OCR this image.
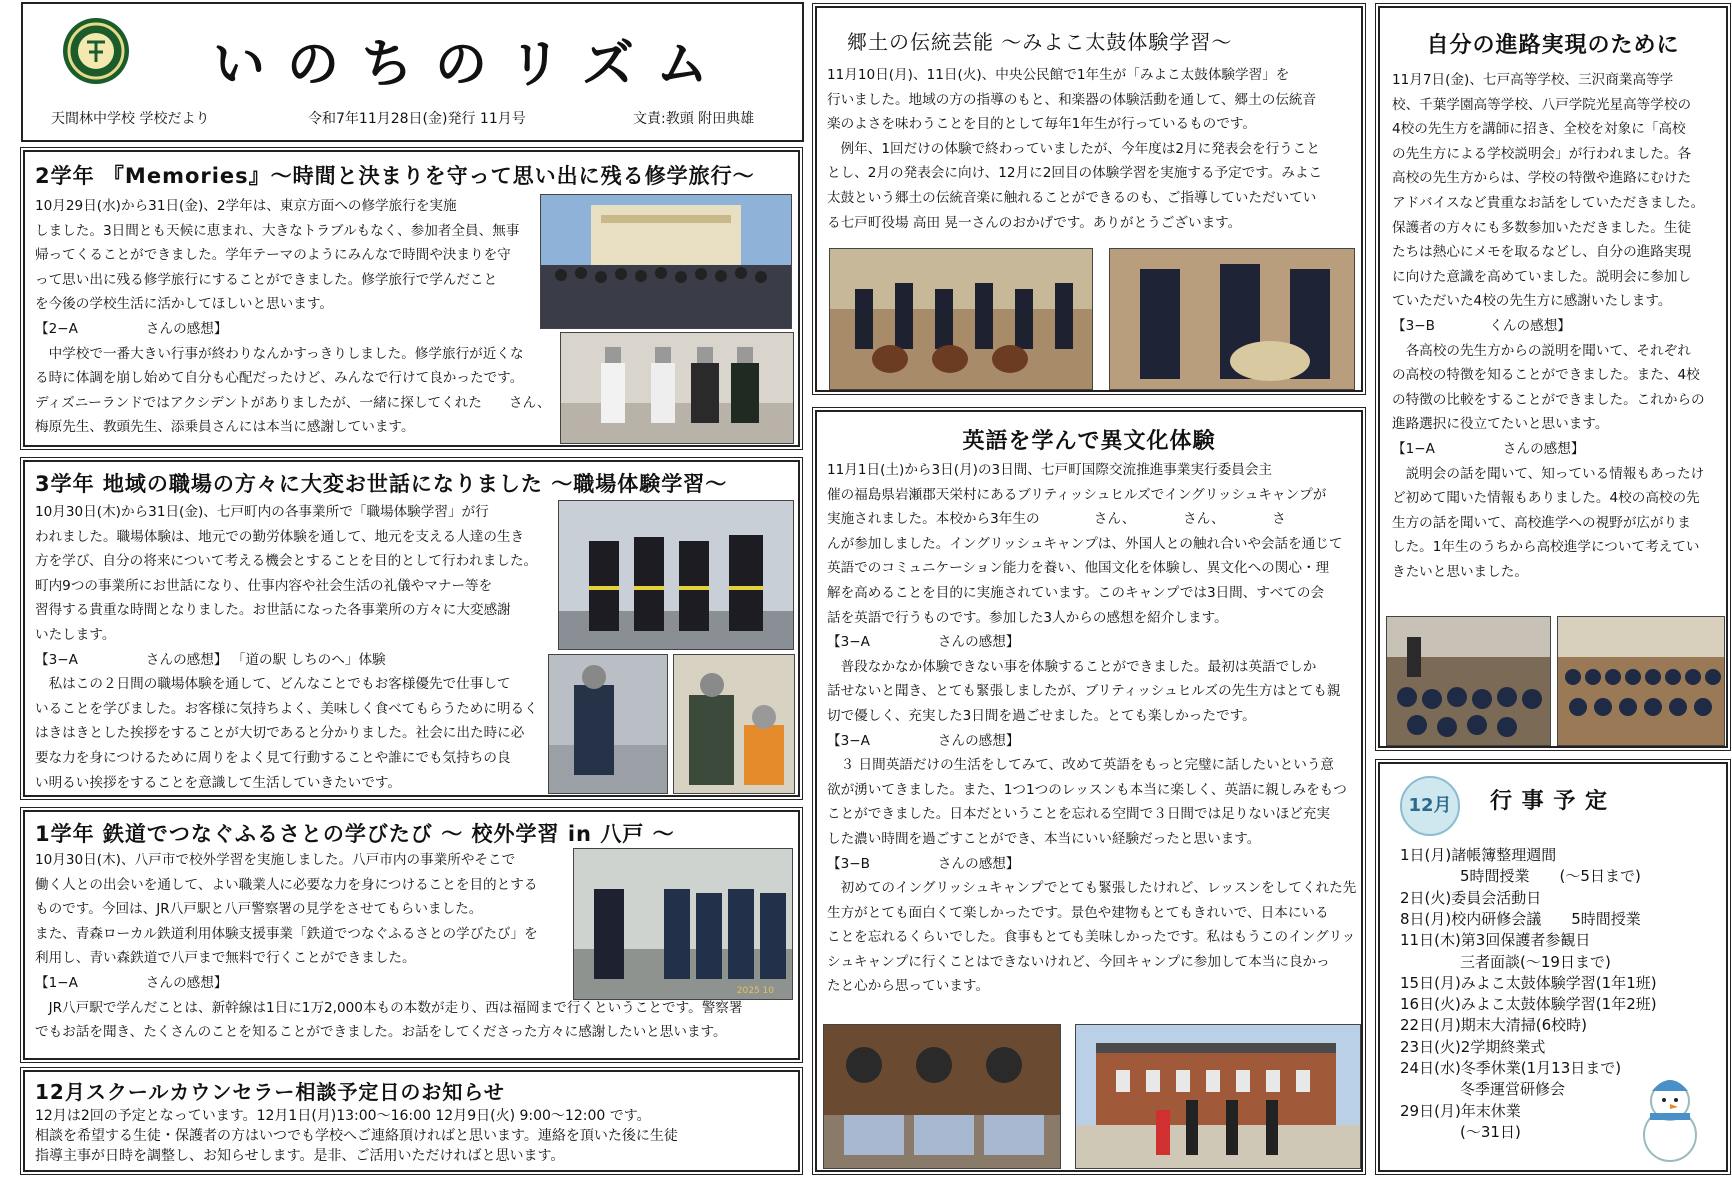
いのちのリズム
天間林中学校 学校だより	令和7年11月28日(金)発行 11月号	文責:教頭 附田典雄
2学年 『Memories』〜時間と決まりを守って思い出に残る修学旅行〜
10月29日(水)から31日(金)、2学年は、東京方面への修学旅行を実施
しました。3日間とも天候に恵まれ、大きなトラブルもなく、参加者全員、無事
帰ってくることができました。学年テーマのようにみんなで時間や決まりを守
って思い出に残る修学旅行にすることができました。修学旅行で学んだこと
を今後の学校生活に活かしてほしいと思います。
【2−A　　　　　さんの感想】
　中学校で一番大きい行事が終わりなんかすっきりしました。修学旅行が近くな
る時に体調を崩し始めて自分も心配だったけど、みんなで行けて良かったです。
ディズニーランドではアクシデントがありましたが、一緒に探してくれた　　さん、
梅原先生、教頭先生、添乗員さんには本当に感謝しています。
3学年 地域の職場の方々に大変お世話になりました 〜職場体験学習〜
10月30日(木)から31日(金)、七戸町内の各事業所で「職場体験学習」が行
われました。職場体験は、地元での勤労体験を通して、地元を支える人達の生き
方を学び、自分の将来について考える機会とすることを目的として行われました。
町内9つの事業所にお世話になり、仕事内容や社会生活の礼儀やマナー等を
習得する貴重な時間となりました。お世話になった各事業所の方々に大変感謝
いたします。
【3−A　　　　　さんの感想】 「道の駅 しちのへ」体験
　私はこの２日間の職場体験を通して、どんなことでもお客様優先で仕事して
いることを学びました。お客様に気持ちよく、美味しく食べてもらうために明るく
はきはきとした挨拶をすることが大切であると分かりました。社会に出た時に必
要な力を身につけるために周りをよく見て行動することや誰にでも気持ちの良
い明るい挨拶をすることを意識して生活していきたいです。
1学年 鉄道でつなぐふるさとの学びたび 〜 校外学習 in 八戸 〜
10月30日(木)、八戸市で校外学習を実施しました。八戸市内の事業所やそこで
働く人との出会いを通して、よい職業人に必要な力を身につけることを目的とする
ものです。今回は、JR八戸駅と八戸警察署の見学をさせてもらいました。
また、青森ローカル鉄道利用体験支援事業「鉄道でつなぐふるさとの学びたび」を
利用し、青い森鉄道で八戸まで無料で行くことができました。
【1−A　　　　　さんの感想】
　JR八戸駅で学んだことは、新幹線は1日に1万2,000本もの本数が走り、西は福岡まで行くということです。警察署
でもお話を聞き、たくさんのことを知ることができました。お話をしてくださった方々に感謝したいと思います。
2025 10
12月スクールカウンセラー相談予定日のお知らせ
12月は2回の予定となっています。12月1日(月)13:00〜16:00 12月9日(火) 9:00〜12:00 です。
相談を希望する生徒・保護者の方はいつでも学校へご連絡頂ければと思います。連絡を頂いた後に生徒
指導主事が日時を調整し、お知らせします。是非、ご活用いただければと思います。
郷土の伝統芸能 〜みよこ太鼓体験学習〜
11月10日(月)、11日(火)、中央公民館で1年生が「みよこ太鼓体験学習」を
行いました。地域の方の指導のもと、和楽器の体験活動を通して、郷土の伝統音
楽のよさを味わうことを目的として毎年1年生が行っているものです。
　例年、1回だけの体験で終わっていましたが、今年度は2月に発表会を行うこと
とし、2月の発表会に向け、12月に2回目の体験学習を実施する予定です。みよこ
太鼓という郷土の伝統音楽に触れることができるのも、ご指導していただいてい
る七戸町役場 高田 晃一さんのおかげです。ありがとうございます。
英語を学んで異文化体験
11月1日(土)から3日(月)の3日間、七戸町国際交流推進事業実行委員会主
催の福島県岩瀬郡天栄村にあるブリティッシュヒルズでイングリッシュキャンプが
実施されました。本校から3年生の　　　　さん、　　　　さん、　　　　さ
んが参加しました。イングリッシュキャンプは、外国人との触れ合いや会話を通じて
英語でのコミュニケーション能力を養い、他国文化を体験し、異文化への関心・理
解を高めることを目的に実施されています。このキャンプでは3日間、すべての会
話を英語で行うものです。参加した3人からの感想を紹介します。
【3−A　　　　　さんの感想】
　普段なかなか体験できない事を体験することができました。最初は英語でしか
話せないと聞き、とても緊張しましたが、ブリティッシュヒルズの先生方はとても親
切で優しく、充実した3日間を過ごせました。とても楽しかったです。
【3−A　　　　　さんの感想】
　３ 日間英語だけの生活をしてみて、改めて英語をもっと完璧に話したいという意
欲が湧いてきました。また、1つ1つのレッスンも本当に楽しく、英語に親しみをもつ
ことができました。日本だということを忘れる空間で３日間では足りないほど充実
した濃い時間を過ごすことができ、本当にいい経験だったと思います。
【3−B　　　　　さんの感想】
　初めてのイングリッシュキャンプでとても緊張したけれど、レッスンをしてくれた先
生方がとても面白くて楽しかったです。景色や建物もとてもきれいで、日本にいる
ことを忘れるくらいでした。食事もとても美味しかったです。私はもうこのイングリッ
シュキャンプに行くことはできないけれど、今回キャンプに参加して本当に良かっ
たと心から思っています。
自分の進路実現のために
11月7日(金)、七戸高等学校、三沢商業高等学
校、千葉学園高等学校、八戸学院光星高等学校の
4校の先生方を講師に招き、全校を対象に「高校
の先生方による学校説明会」が行われました。各
高校の先生方からは、学校の特徴や進路にむけた
アドバイスなど貴重なお話をしていただきました。
保護者の方々にも多数参加いただきました。生徒
たちは熱心にメモを取るなどし、自分の進路実現
に向けた意識を高めていました。説明会に参加し
ていただいた4校の先生方に感謝いたします。
【3−B　　　　くんの感想】
　各高校の先生方からの説明を聞いて、それぞれ
の高校の特徴を知ることができました。また、4校
の特徴の比較をすることができました。これからの
進路選択に役立てたいと思います。
【1−A　　　　　さんの感想】
　説明会の話を聞いて、知っている情報もあったけ
ど初めて聞いた情報もありました。4校の高校の先
生方の話を聞いて、高校進学への視野が広がりま
した。1年生のうちから高校進学について考えてい
きたいと思いました。
12月	行 事 予 定
1日(月)諸帳簿整理週間
　　　　5時間授業　　(〜5日まで)
2日(火)委員会活動日
8日(月)校内研修会議　　5時間授業
11日(木)第3回保護者参観日
　　　　三者面談(〜19日まで)
15日(月)みよこ太鼓体験学習(1年1班)
16日(火)みよこ太鼓体験学習(1年2班)
22日(月)期末大清掃(6校時)
23日(火)2学期終業式
24日(水)冬季休業(1月13日まで)
　　　　冬季運営研修会
29日(月)年末休業
　　　　(〜31日)
